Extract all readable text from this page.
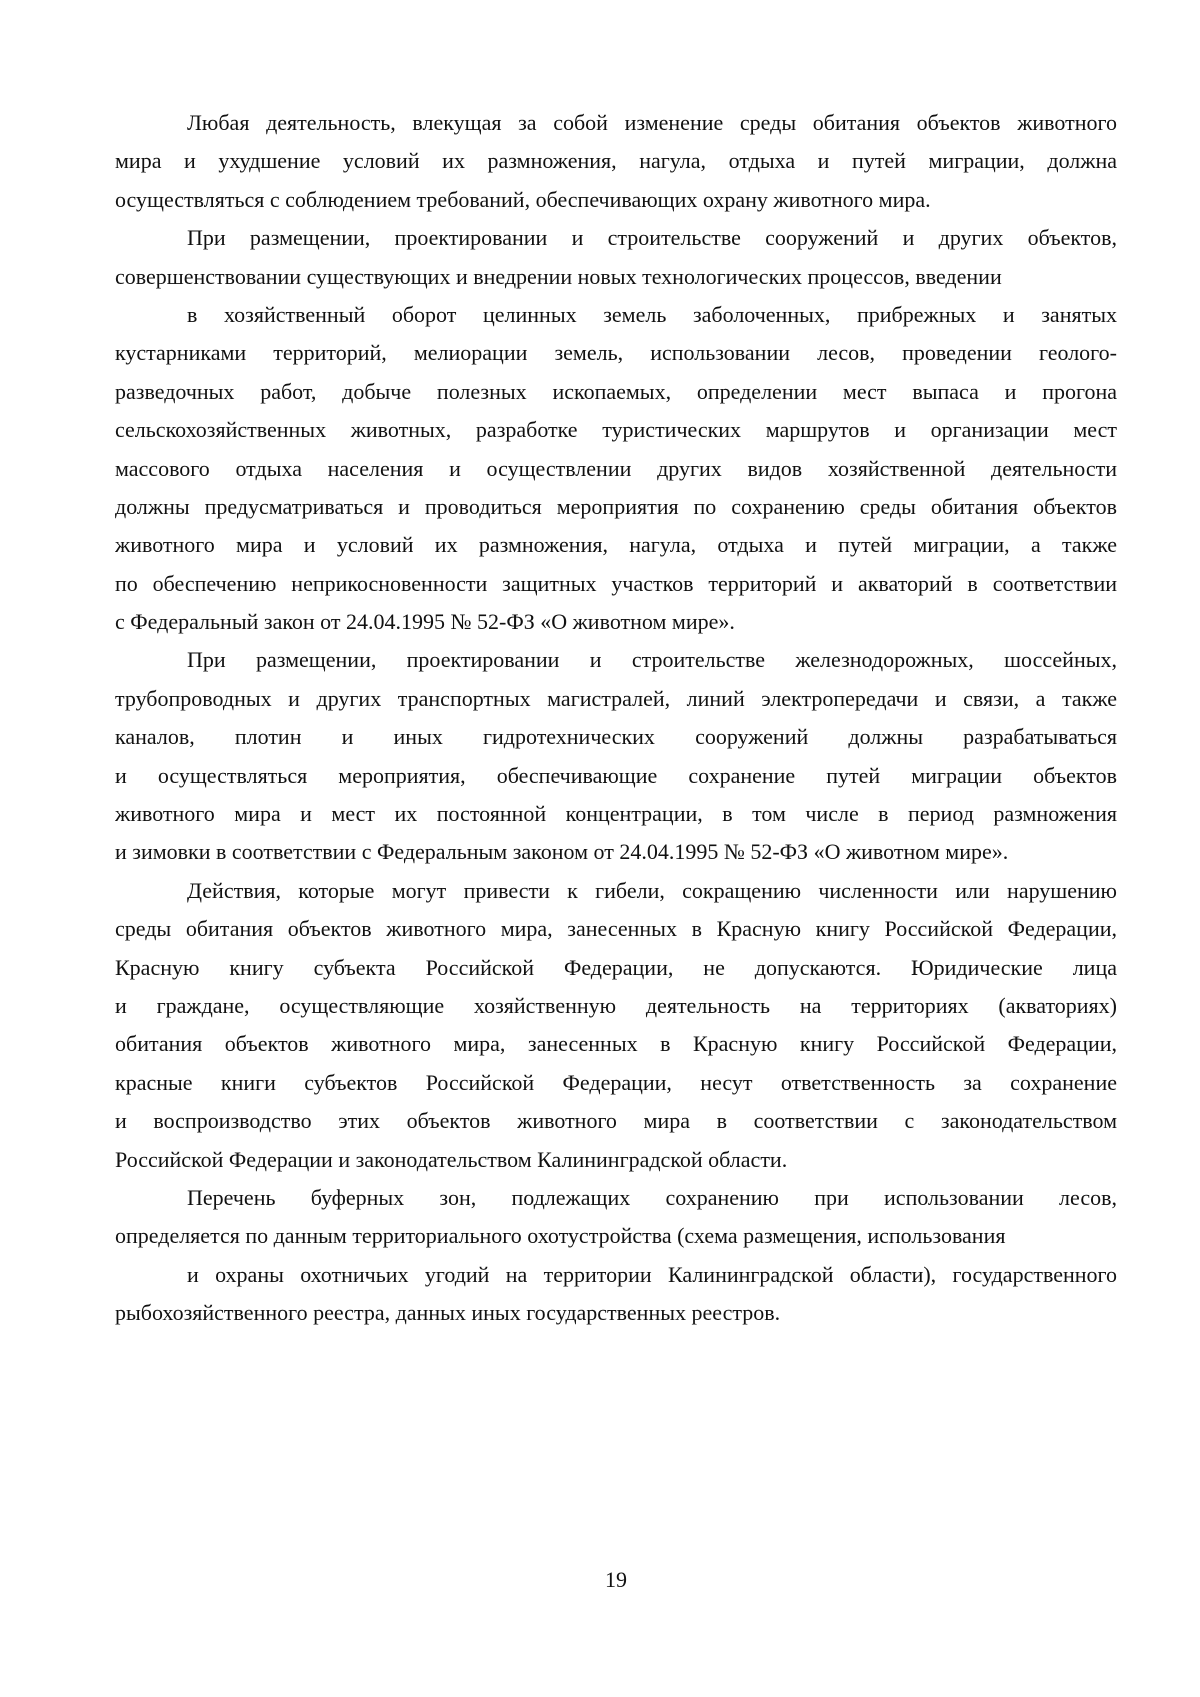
Любая деятельность, влекущая за собой изменение среды обитания объектов животного
мира и ухудшение условий их размножения, нагула, отдыха и путей миграции, должна
осуществляться с соблюдением требований, обеспечивающих охрану животного мира.
При размещении, проектировании и строительстве сооружений и других объектов,
совершенствовании существующих и внедрении новых технологических процессов, введении
в хозяйственный оборот целинных земель заболоченных, прибрежных и занятых
кустарниками территорий, мелиорации земель, использовании лесов, проведении геолого-
разведочных работ, добыче полезных ископаемых, определении мест выпаса и прогона
сельскохозяйственных животных, разработке туристических маршрутов и организации мест
массового отдыха населения и осуществлении других видов хозяйственной деятельности
должны предусматриваться и проводиться мероприятия по сохранению среды обитания объектов
животного мира и условий их размножения, нагула, отдыха и путей миграции, а также
по обеспечению неприкосновенности защитных участков территорий и акваторий в соответствии
с Федеральный закон от 24.04.1995 № 52-ФЗ «О животном мире».
При размещении, проектировании и строительстве железнодорожных, шоссейных,
трубопроводных и других транспортных магистралей, линий электропередачи и связи, а также
каналов, плотин и иных гидротехнических сооружений должны разрабатываться
и осуществляться мероприятия, обеспечивающие сохранение путей миграции объектов
животного мира и мест их постоянной концентрации, в том числе в период размножения
и зимовки в соответствии с Федеральным законом от 24.04.1995 № 52-ФЗ «О животном мире».
Действия, которые могут привести к гибели, сокращению численности или нарушению
среды обитания объектов животного мира, занесенных в Красную книгу Российской Федерации,
Красную книгу субъекта Российской Федерации, не допускаются. Юридические лица
и граждане, осуществляющие хозяйственную деятельность на территориях (акваториях)
обитания объектов животного мира, занесенных в Красную книгу Российской Федерации,
красные книги субъектов Российской Федерации, несут ответственность за сохранение
и воспроизводство этих объектов животного мира в соответствии с законодательством
Российской Федерации и законодательством Калининградской области.
Перечень буферных зон, подлежащих сохранению при использовании лесов,
определяется по данным территориального охотустройства (схема размещения, использования
и охраны охотничьих угодий на территории Калининградской области), государственного
рыбохозяйственного реестра, данных иных государственных реестров.
19
